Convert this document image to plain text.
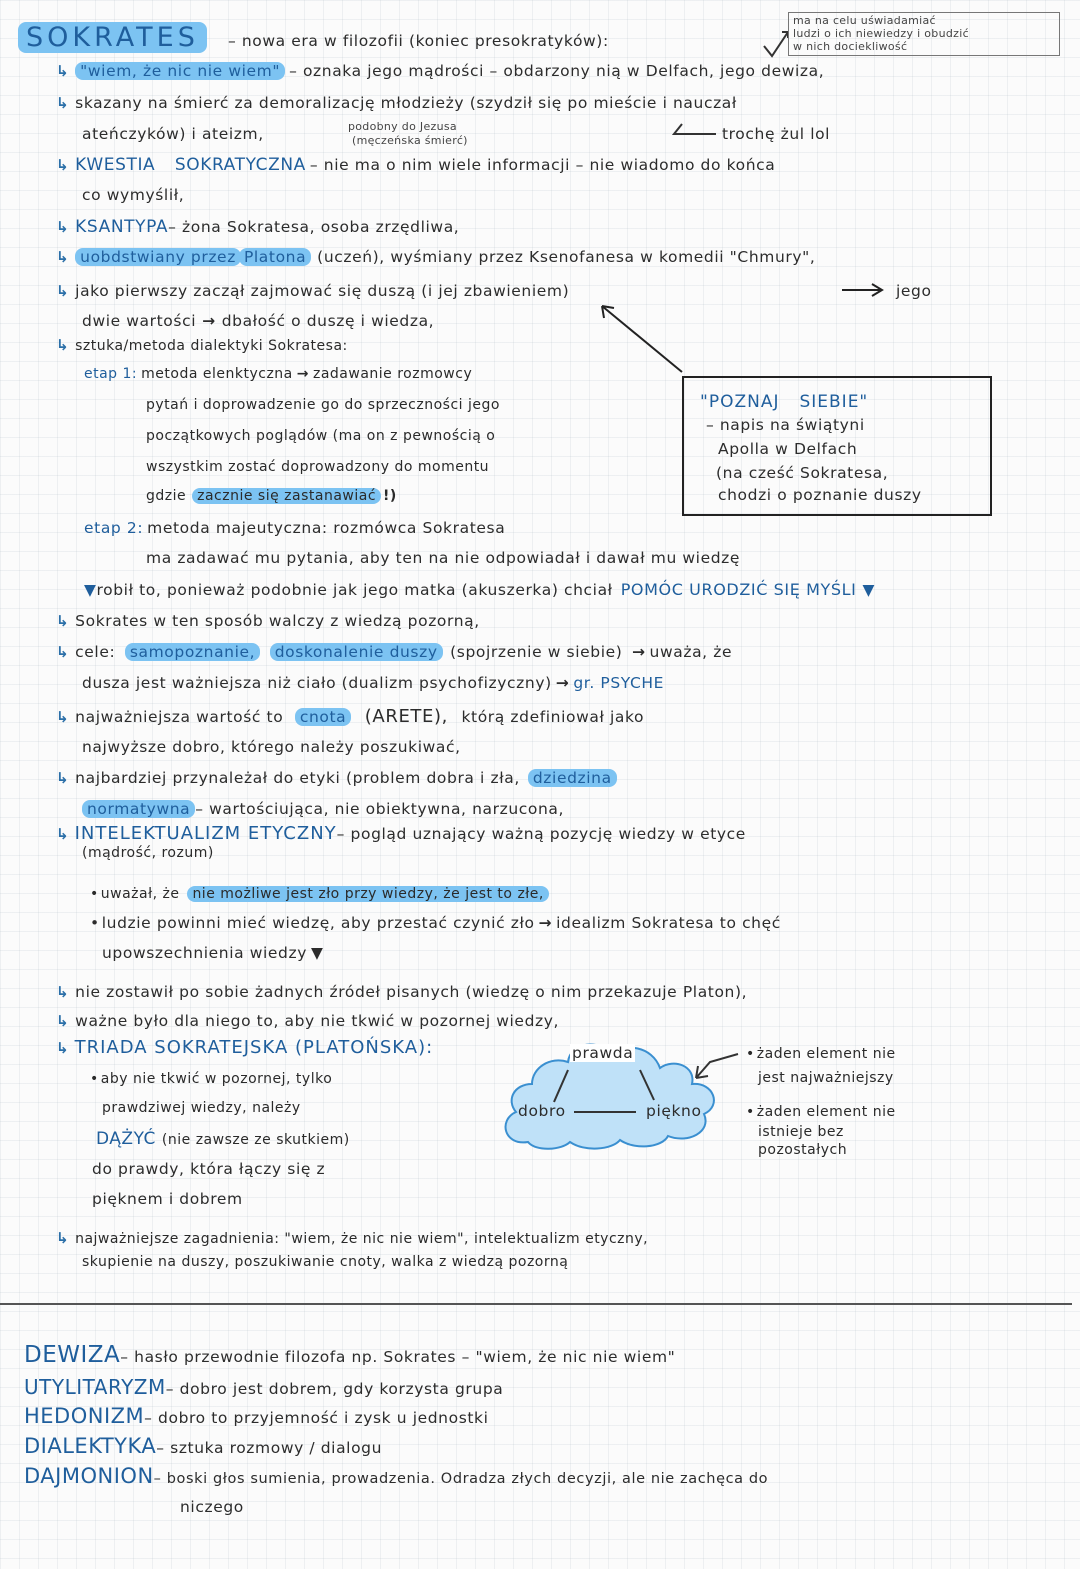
SOKRATES	– nowa era w filozofii (koniec presokratyków):
ma na celu uświadamiać
ludzi o ich niewiedzy i obudzić
w nich dociekliwość
↳ "wiem, że nic nie wiem" – oznaka jego mądrości – obdarzony nią w Delfach, jego dewiza,
↳ skazany na śmierć za demoralizację młodzieży (szydził się po mieście i nauczał
ateńczyków) i ateizm,	podobny do Jezusa
(męczeńska śmierć)	trochę żul lol
↳ KWESTIA SOKRATYCZNA – nie ma o nim wiele informacji – nie wiadomo do końca
co wymyślił,
↳ KSANTYPA– żona Sokratesa, osoba zrzędliwa,
↳ uobdstwiany przez Platona (uczeń), wyśmiany przez Ksenofanesa w komedii "Chmury",
↳ jako pierwszy zaczął zajmować się duszą (i jej zbawieniem)	jego
dwie wartości → dbałość o duszę i wiedza,
↳ sztuka/metoda dialektyki Sokratesa:
etap 1: metoda elenktyczna → zadawanie rozmowcy
pytań i doprowadzenie go do sprzeczności jego
początkowych poglądów (ma on z pewnością o
wszystkim zostać doprowadzony do momentu
gdzie zacznie się zastanawiać !)
"POZNAJ SIEBIE"
– napis na świątyni
Apolla w Delfach
(na cześć Sokratesa,
chodzi o poznanie duszy
etap 2: metoda majeutyczna: rozmówca Sokratesa
ma zadawać mu pytania, aby ten na nie odpowiadał i dawał mu wiedzę
▼robił to, ponieważ podobnie jak jego matka (akuszerka) chciał POMÓC URODZIĆ SIĘ MYŚLI ▼
↳ Sokrates w ten sposób walczy z wiedzą pozorną,
↳ cele: samopoznanie, doskonalenie duszy (spojrzenie w siebie) → uważa, że
dusza jest ważniejsza niż ciało (dualizm psychofizyczny) → gr. PSYCHE
↳ najważniejsza wartość to cnota (ARETE), którą zdefiniował jako
najwyższe dobro, którego należy poszukiwać,
↳ najbardziej przynależał do etyki (problem dobra i zła, dziedzina
normatywna – wartościująca, nie obiektywna, narzucona,
↳ INTELEKTUALIZM ETYCZNY– pogląd uznający ważną pozycję wiedzy w etyce
(mądrość, rozum)
• uważał, że nie możliwe jest zło przy wiedzy, że jest to złe,
• ludzie powinni mieć wiedzę, aby przestać czynić zło → idealizm Sokratesa to chęć
upowszechnienia wiedzy ▼
↳ nie zostawił po sobie żadnych źródeł pisanych (wiedzę o nim przekazuje Platon),
↳ ważne było dla niego to, aby nie tkwić w pozornej wiedzy,
↳ TRIADA SOKRATEJSKA (PLATOŃSKA):
• aby nie tkwić w pozornej, tylko
prawdziwej wiedzy, należy
DĄŻYĆ (nie zawsze ze skutkiem)
do prawdy, która łączy się z
pięknem i dobrem
prawda
dobro	piękno
• żaden element nie
jest najważniejszy
• żaden element nie
istnieje bez
pozostałych
↳ najważniejsze zagadnienia: "wiem, że nic nie wiem", intelektualizm etyczny,
skupienie na duszy, poszukiwanie cnoty, walka z wiedzą pozorną
DEWIZA– hasło przewodnie filozofa np. Sokrates – "wiem, że nic nie wiem"
UTYLITARYZM– dobro jest dobrem, gdy korzysta grupa
HEDONIZM– dobro to przyjemność i zysk u jednostki
DIALEKTYKA– sztuka rozmowy / dialogu
DAJMONION– boski głos sumienia, prowadzenia. Odradza złych decyzji, ale nie zachęca do
niczego
